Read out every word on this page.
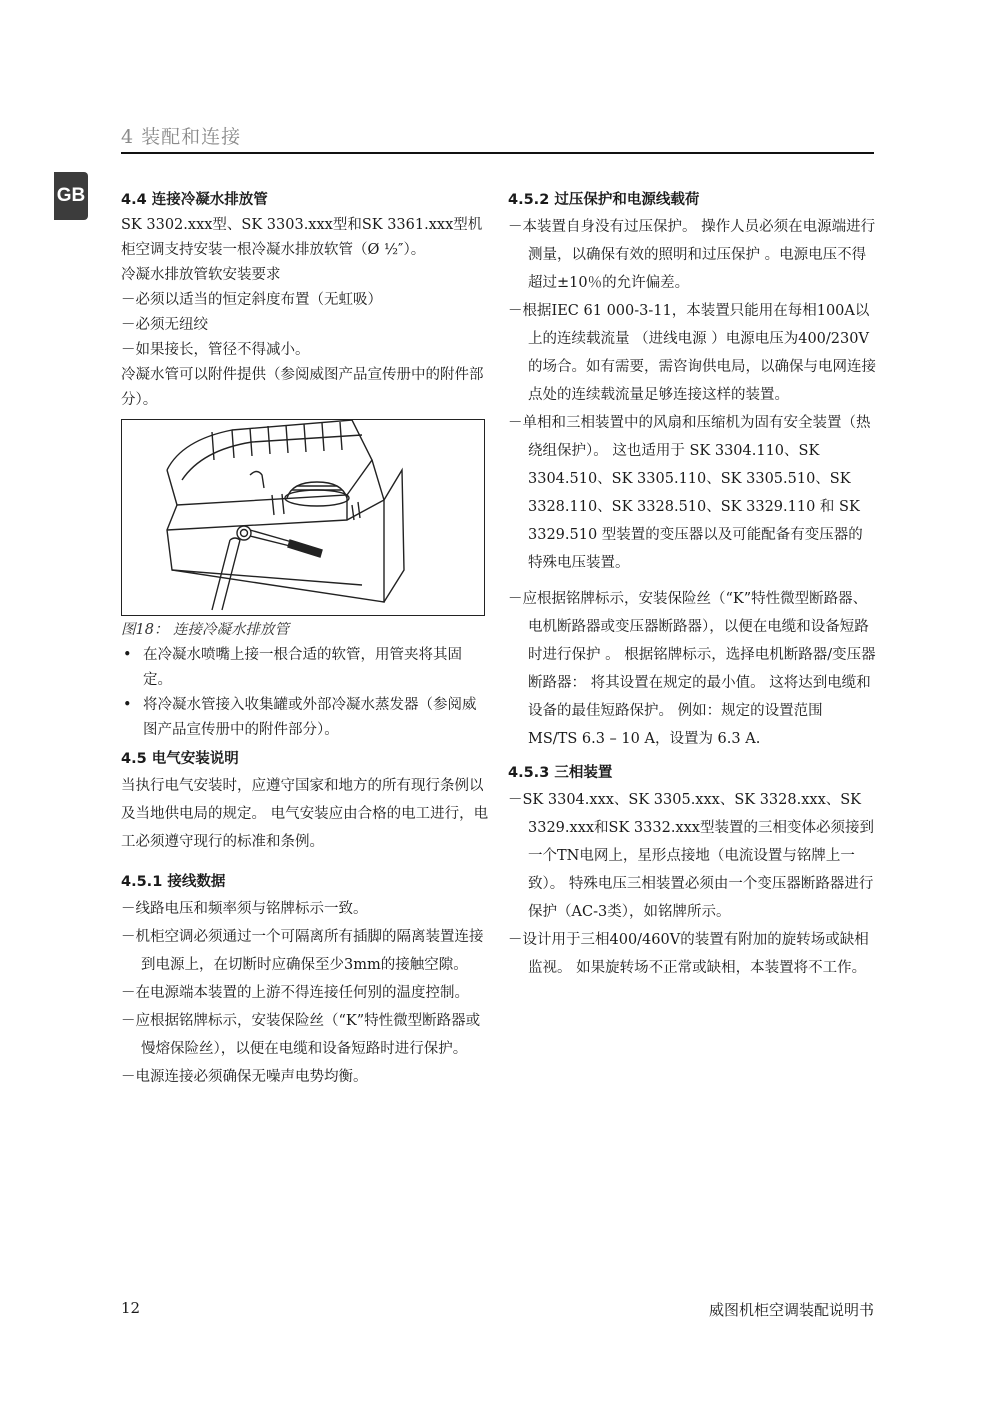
4 装配和连接
GB 4.4 连接冷凝水排放管

SK 3302.xxx型、SK 3303.xxx型和SK 3361.xxx型机柜空调支持安装一根冷凝水排放软管（Ø ½″）。

冷凝水排放管软安装要求

－必须以适当的恒定斜度布置（无虹吸）

－必须无纽绞

－如果接长，管径不得减小。

冷凝水管可以附件提供（参阅威图产品宣传册中的附件部分）。

图18： 连接冷凝水排放管

• 在冷凝水喷嘴上接一根合适的软管，用管夹将其固定。

• 将冷凝水管接入收集罐或外部冷凝水蒸发器（参阅威图产品宣传册中的附件部分）。

4.5 电气安装说明

当执行电气安装时，应遵守国家和地方的所有现行条例以及当地供电局的规定。 电气安装应由合格的电工进行，电工必须遵守现行的标准和条例。

4.5.1 接线数据

－线路电压和频率须与铭牌标示一致。

－机柜空调必须通过一个可隔离所有插脚的隔离装置连接到电源上，在切断时应确保至少3mm的接触空隙。

－在电源端本装置的上游不得连接任何别的温度控制。

－应根据铭牌标示，安装保险丝（“K”特性微型断路器或慢熔保险丝），以便在电缆和设备短路时进行保护。

－电源连接必须确保无噪声电势均衡。

4.5.2 过压保护和电源线载荷

－本装置自身没有过压保护。 操作人员必须在电源端进行测量，以确保有效的照明和过压保护 。电源电压不得超过±10％的允许偏差。

－根据IEC 61 000-3-11，本装置只能用在每相100A以上的连续载流量 （进线电源 ）电源电压为400/230V的场合。如有需要，需咨询供电局，以确保与电网连接点处的连续载流量足够连接这样的装置。

－单相和三相装置中的风扇和压缩机为固有安全装置（热绕组保护）。 这也适用于 SK 3304.110、SK 3304.510、SK 3305.110、SK 3305.510、SK 3328.110、SK 3328.510、SK 3329.110 和 SK 3329.510 型装置的变压器以及可能配备有变压器的特殊电压装置。

－应根据铭牌标示，安装保险丝（“K”特性微型断路器、电机断路器或变压器断路器），以便在电缆和设备短路时进行保护 。 根据铭牌标示，选择电机断路器/变压器断路器： 将其设置在规定的最小值。 这将达到电缆和设备的最佳短路保护。 例如：规定的设置范围 MS/TS 6.3 – 10 A，设置为 6.3 A.

4.5.3 三相装置

－SK 3304.xxx、SK 3305.xxx、SK 3328.xxx、SK 3329.xxx和SK 3332.xxx型装置的三相变体必须接到一个TN电网上，星形点接地（电流设置与铭牌上一致）。 特殊电压三相装置必须由一个变压器断路器进行保护（AC-3类），如铭牌所示。

－设计用于三相400/460V的装置有附加的旋转场或缺相监视。 如果旋转场不正常或缺相，本装置将不工作。

12	威图机柜空调装配说明书
